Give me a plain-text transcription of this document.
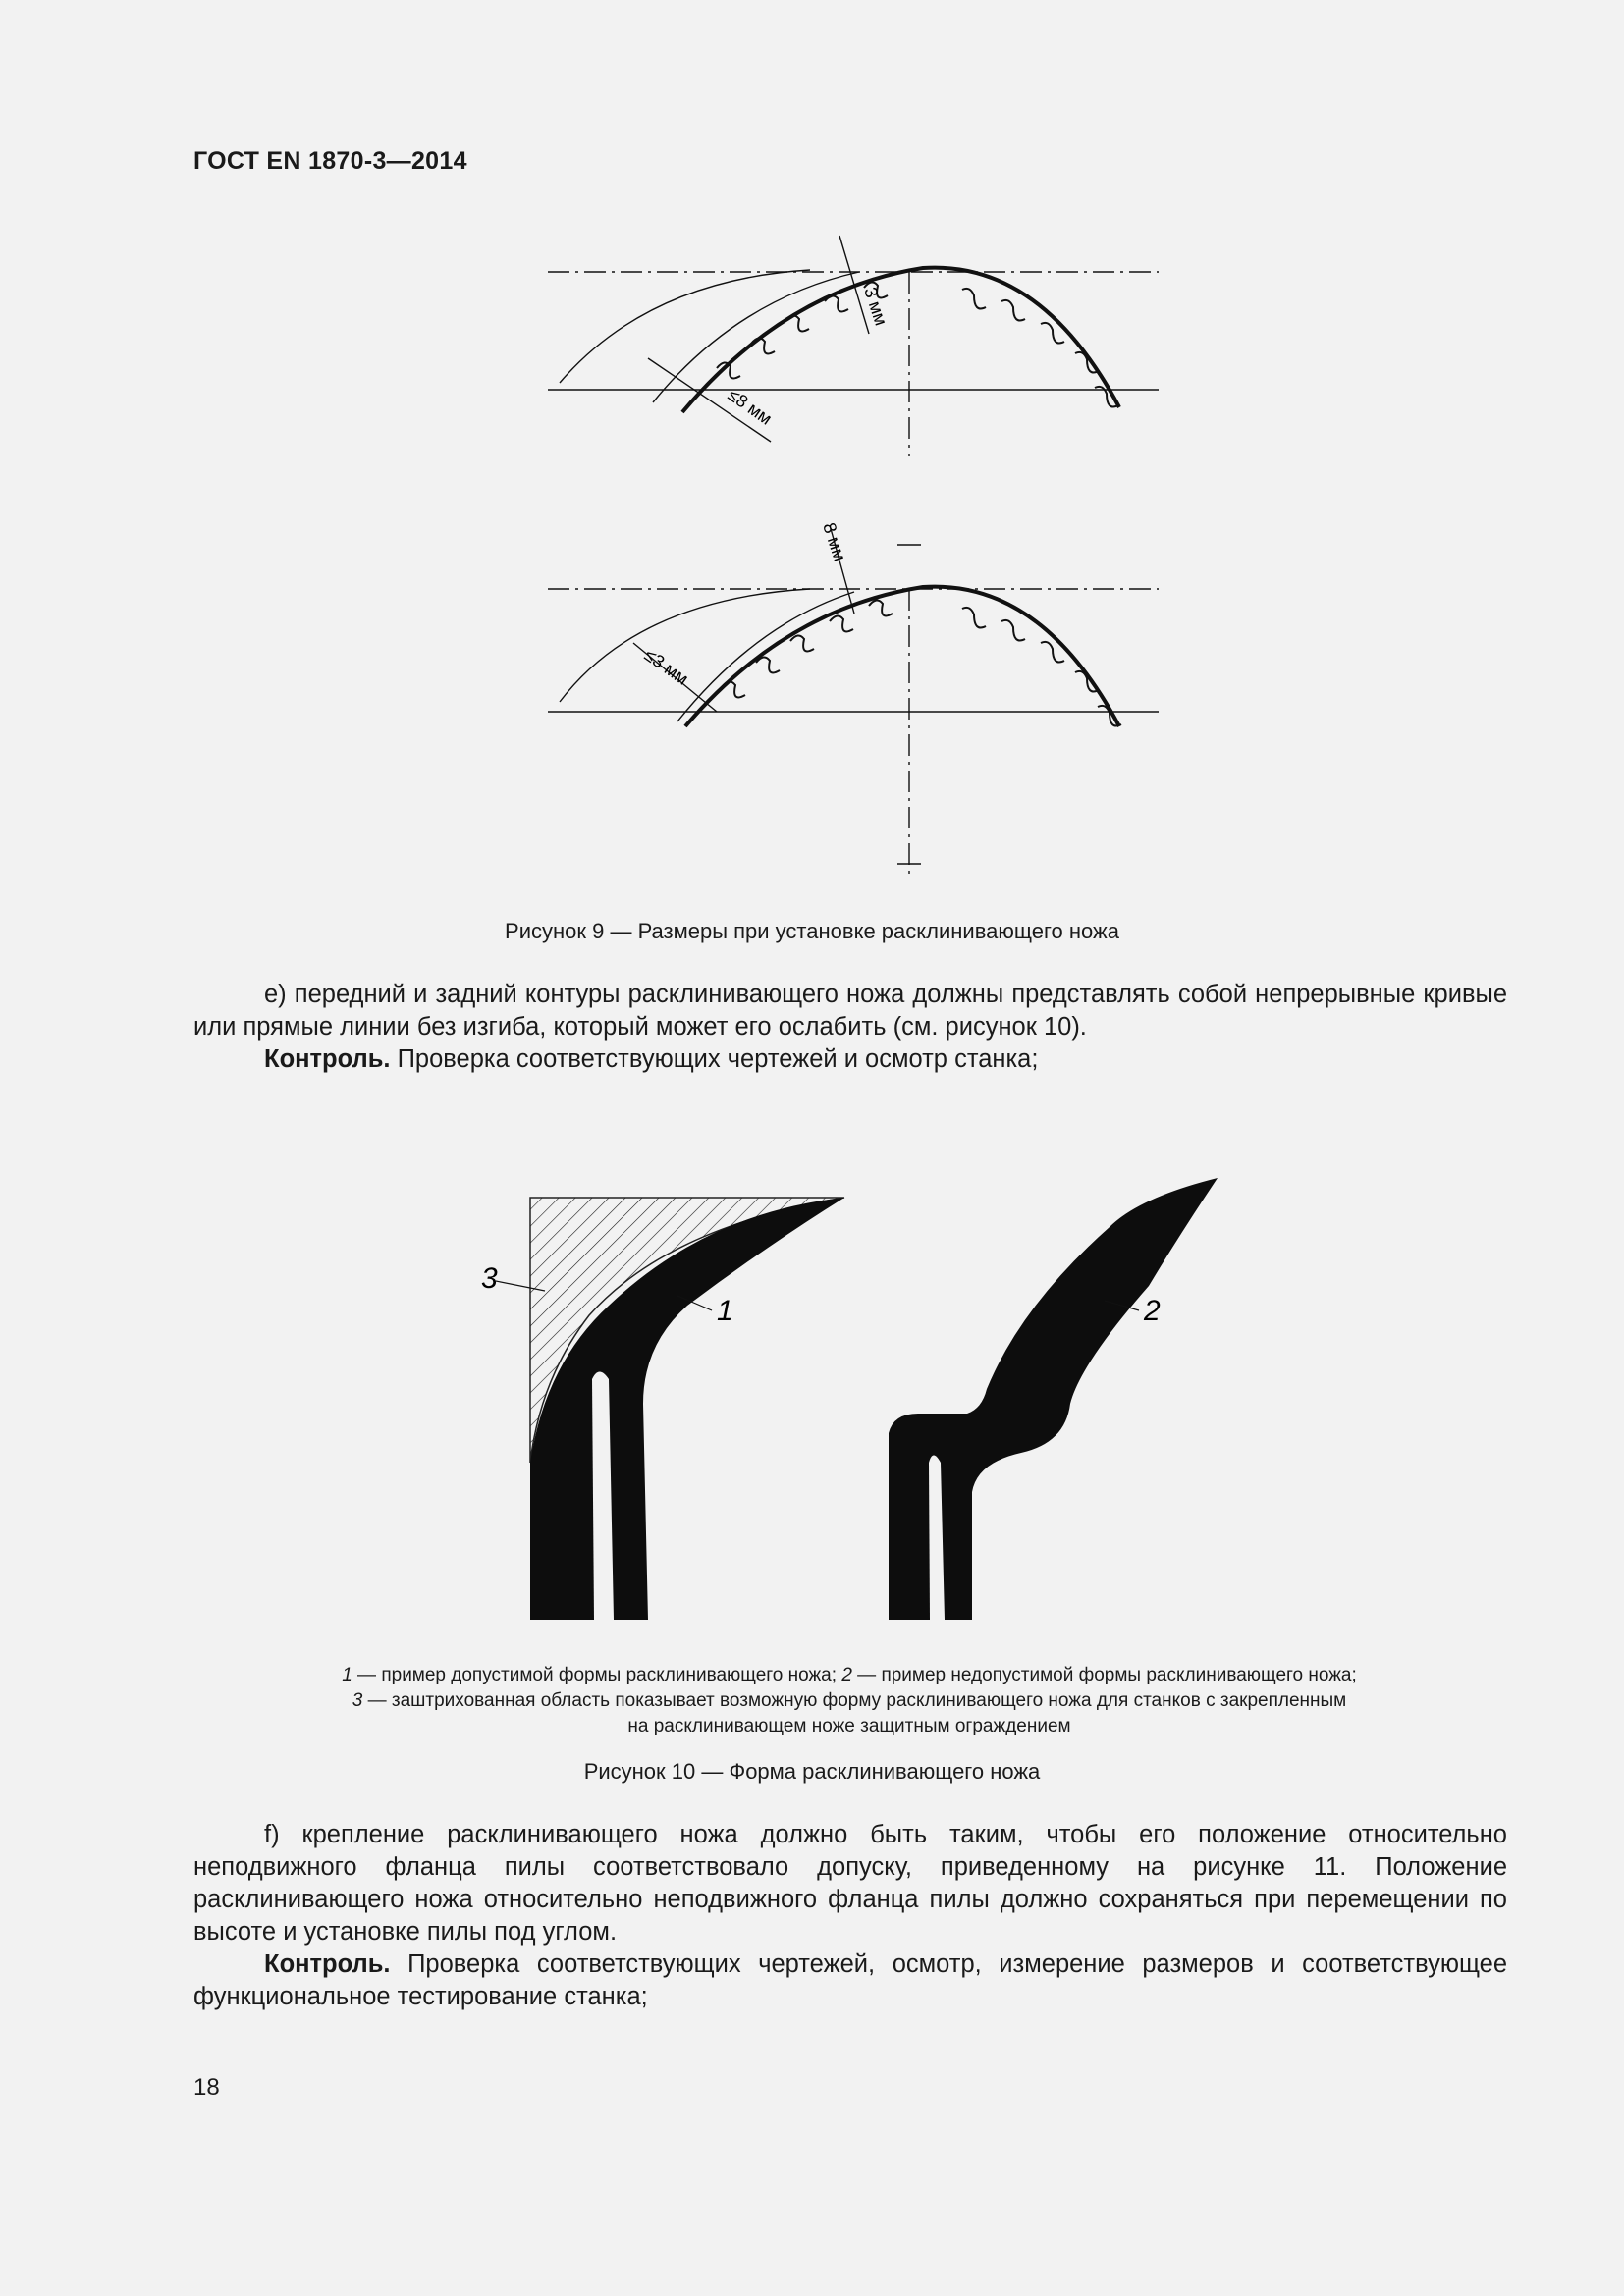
ГОСТ EN 1870-3—2014
3 мм
≤8 мм
8 мм
≤3 мм
Рисунок 9 — Размеры при установке расклинивающего ножа
е) передний и задний контуры расклинивающего ножа должны представлять собой непрерывные кривые или прямые линии без изгиба, который может его ослабить (см. рисунок 10).
Контроль. Проверка соответствующих чертежей и осмотр станка;
3
1	2
1 — пример допустимой формы расклинивающего ножа; 2 — пример недопустимой формы расклинивающего ножа;
3 — заштрихованная область показывает возможную форму расклинивающего ножа для станков с закрепленным
на расклинивающем ноже защитным ограждением
Рисунок 10 — Форма расклинивающего ножа
f) крепление расклинивающего ножа должно быть таким, чтобы его положение относительно неподвижного фланца пилы соответствовало допуску, приведенному на рисунке 11. Положение расклинивающего ножа относительно неподвижного фланца пилы должно сохраняться при перемещении по высоте и установке пилы под углом.
Контроль. Проверка соответствующих чертежей, осмотр, измерение размеров и соответствующее функциональное тестирование станка;
18
